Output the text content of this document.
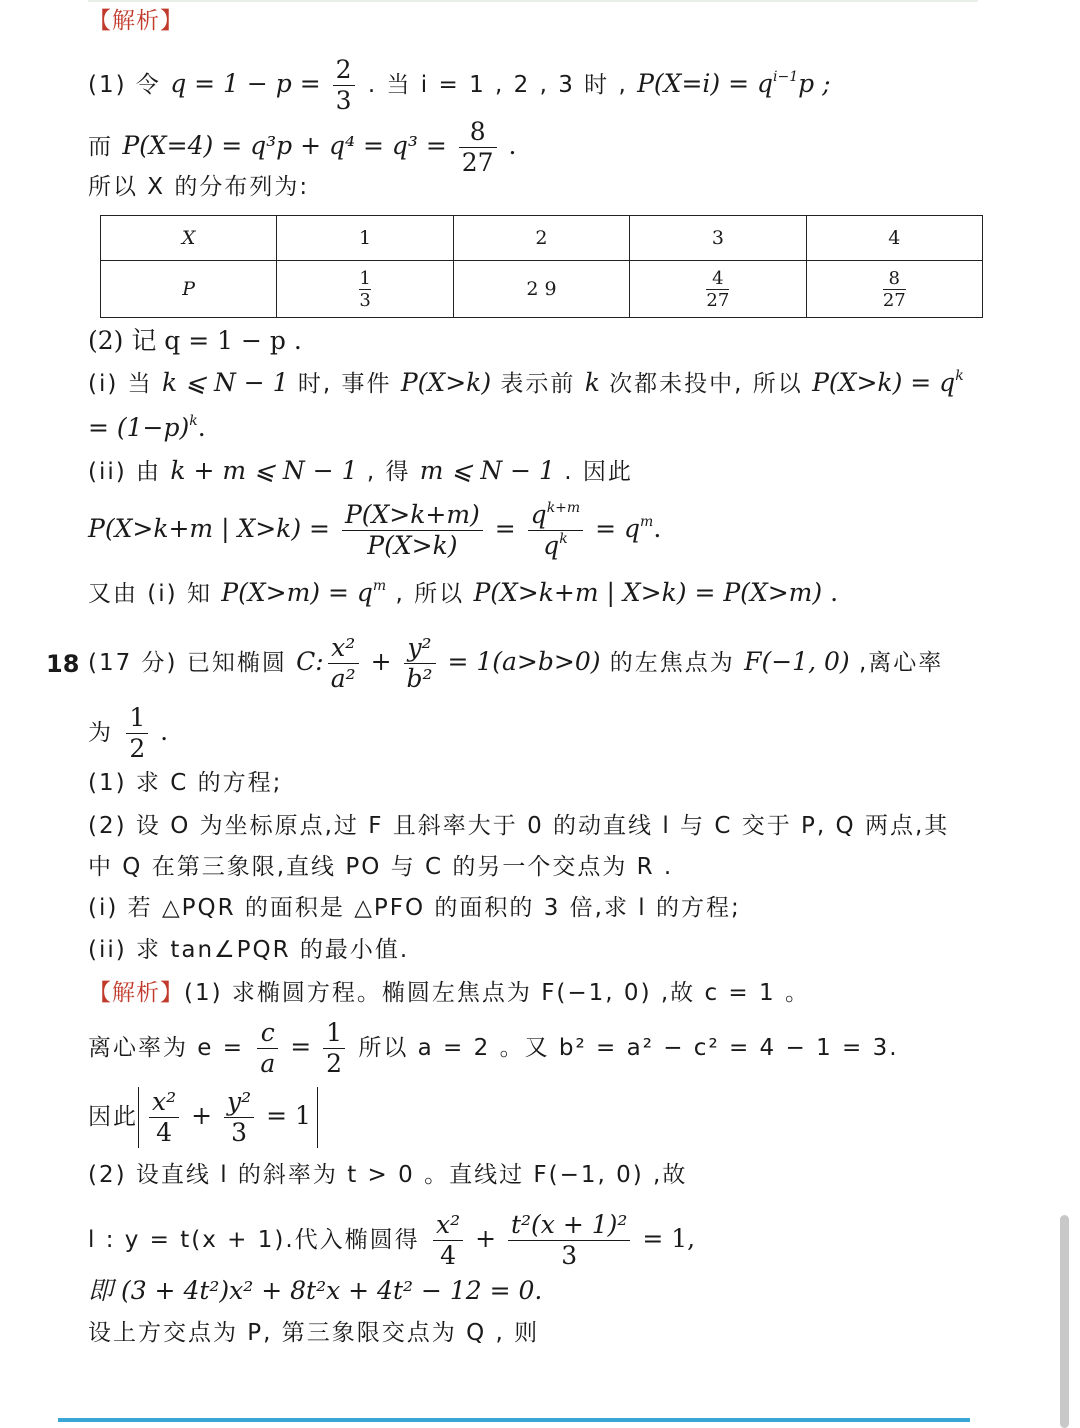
【解析】
(1) 令 $q = 1 - p = \frac{2}{3}$ . 当 i = 1 , 2 , 3 时 , $P(X=i) = q^{i-1}p$ ;
而 $P(X=4) = q^3p + q^4 = q^3 = \frac{8}{27}$ .
所以 X 的分布列为:
X	1	2	3	4
P	$\frac{1}{3}$	2 9	$\frac{4}{27}$	$\frac{8}{27}$
(2) 记 q = 1 − p .
(i) 当 k ⩽ N − 1 时, 事件 P(X>k) 表示前 k 次都未投中, 所以 $P(X>k) = q^k$
= $(1-p)^k$.
(ii) 由 k + m ⩽ N − 1 , 得 m ⩽ N − 1 . 因此
P(X>k+m | $X>k) = \frac{P(X>k+m)}{P(X>k)} = \frac{q^{k+m}}{q^k} = q^m$.
又由 (i) 知 $P(X>m) = q^m$ , 所以 P(X>k+m | X>k) = P(X>m) .
18 (17 分) 已知椭圆 C: $\frac{\text{x²}}{\text{a²}} + \frac{\text{y²}}{\text{b²}} = 1(a>b>0)$ 的左焦点为 F(−1, 0) ,离心率
为 $\frac{1}{2}$ .
(1) 求 C 的方程;
(2) 设 O 为坐标原点,过 F 且斜率大于 0 的动直线 l 与 C 交于 P, Q 两点,其
中 Q 在第三象限,直线 PO 与 C 的另一个交点为 R .
(i) 若 △PQR 的面积是 △PFO 的面积的 3 倍,求 l 的方程;
(ii) 求 tan∠PQR 的最小值.
【解析】(1) 求椭圆方程。椭圆左焦点为 F(−1, 0) ,故 c = 1 。
离心率为 $e = \frac{c}{a} = \frac{1}{2}$ 所以 a = 2 。又 b² = a² − c² = 4 − 1 = 3.
因此 $\frac{\text{x²}}{4} + \frac{\text{y²}}{3} = 1$
(2) 设直线 l 的斜率为 t > 0 。直线过 F(−1, 0) ,故
l : y = t(x + 1).代入椭圆得 $\frac{\text{x²}}{4} + \frac{\text{t²(x + 1)²}}{3} = 1$,
即 (3 + 4t²)x² + 8t²x + 4t² − 12 = 0.
设上方交点为 P, 第三象限交点为 Q , 则
